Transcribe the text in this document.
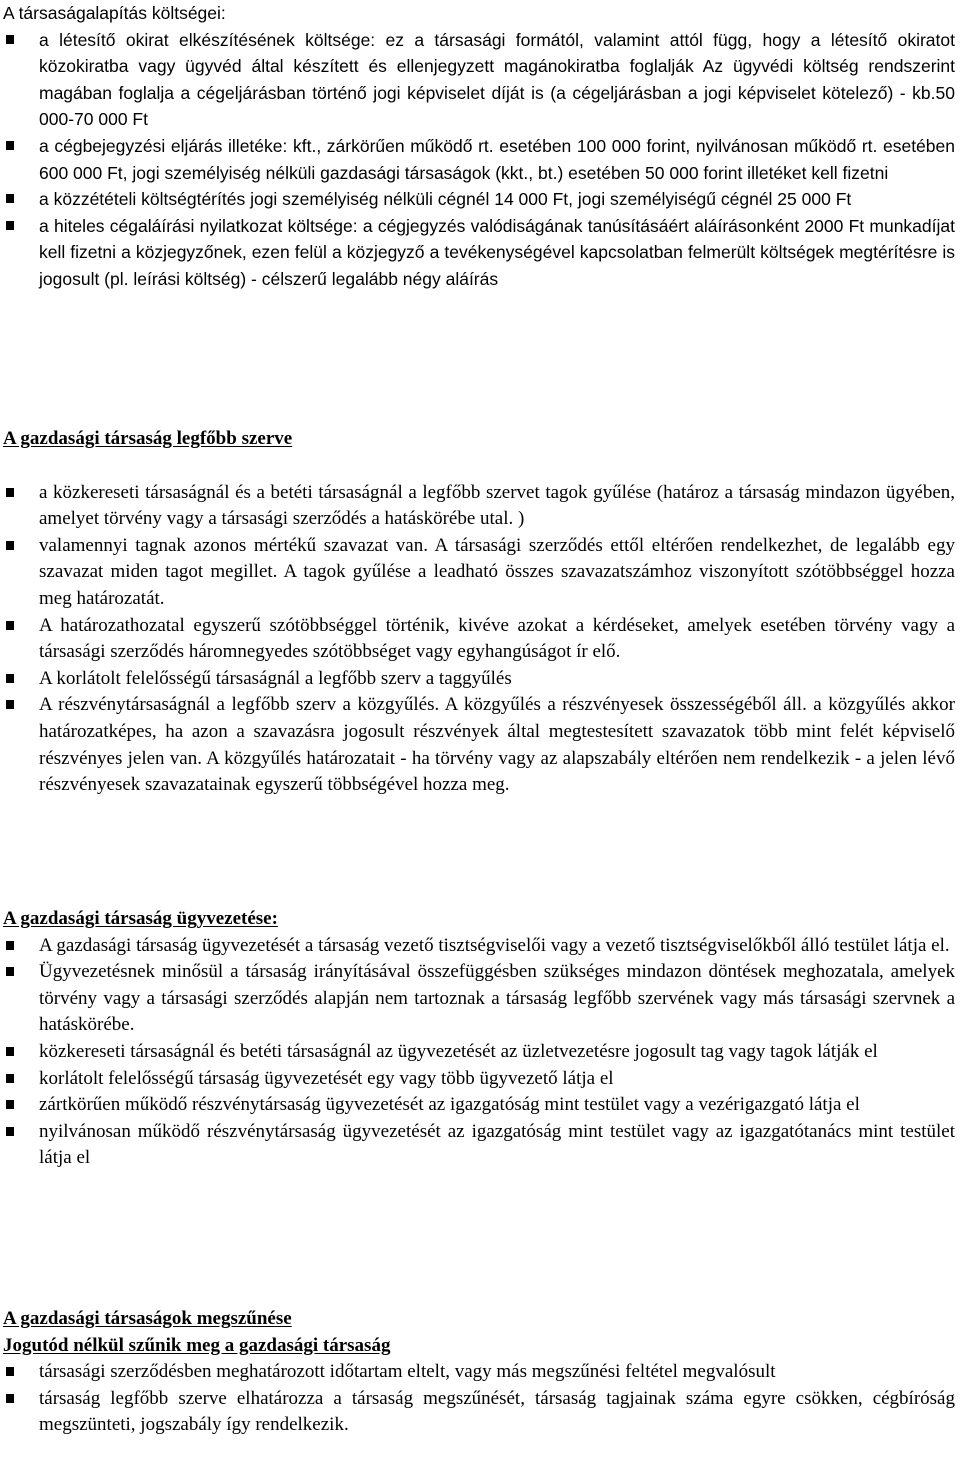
A társaságalapítás költségei:

a létesítő okirat elkészítésének költsége: ez a társasági formától, valamint attól függ, hogy a létesítő okiratot közokiratba vagy ügyvéd által készített és ellenjegyzett magánokiratba foglalják Az ügyvédi költség rendszerint magában foglalja a cégeljárásban történő jogi képviselet díját is (a cégeljárásban a jogi képviselet kötelező) - kb.50 000-70 000 Ft
a cégbejegyzési eljárás illetéke: kft., zárkörűen működő rt. esetében 100 000 forint, nyilvánosan működő rt. esetében 600 000 Ft, jogi személyiség nélküli gazdasági társaságok (kkt., bt.) esetében 50 000 forint illetéket kell fizetni
a közzétételi költségtérítés jogi személyiség nélküli cégnél 14 000 Ft, jogi személyiségű cégnél 25 000 Ft
a hiteles cégaláírási nyilatkozat költsége: a cégjegyzés valódiságának tanúsításáért aláírásonként 2000 Ft munkadíjat kell fizetni a közjegyzőnek, ezen felül a közjegyző a tevékenységével kapcsolatban felmerült költségek megtérítésre is jogosult (pl. leírási költség) - célszerű legalább négy aláírás

A gazdasági társaság legfőbb szerve

a közkereseti társaságnál és a betéti társaságnál a legfőbb szervet tagok gyűlése (határoz a társaság mindazon ügyében, amelyet törvény vagy a társasági szerződés a hatáskörébe utal. )
valamennyi tagnak azonos mértékű szavazat van. A társasági szerződés ettől eltérően rendelkezhet, de legalább egy szavazat miden tagot megillet. A tagok gyűlése a leadható összes szavazatszámhoz viszonyított szótöbbséggel hozza meg határozatát.
A határozathozatal egyszerű szótöbbséggel történik, kivéve azokat a kérdéseket, amelyek esetében törvény vagy a társasági szerződés háromnegyedes szótöbbséget vagy egyhangúságot ír elő.
A korlátolt felelősségű társaságnál a legfőbb szerv a taggyűlés
A részvénytársaságnál a legfőbb szerv a közgyűlés. A közgyűlés a részvényesek összességéből áll. a közgyűlés akkor határozatképes, ha azon a szavazásra jogosult részvények által megtestesített szavazatok több mint felét képviselő részvényes jelen van. A közgyűlés határozatait - ha törvény vagy az alapszabály eltérően nem rendelkezik - a jelen lévő részvényesek szavazatainak egyszerű többségével hozza meg.

A gazdasági társaság ügyvezetése:

A gazdasági társaság ügyvezetését a társaság vezető tisztségviselői vagy a vezető tisztségviselőkből álló testület látja el.
Ügyvezetésnek minősül a társaság irányításával összefüggésben szükséges mindazon döntések meghozatala, amelyek törvény vagy a társasági szerződés alapján nem tartoznak a társaság legfőbb szervének vagy más társasági szervnek a hatáskörébe.
közkereseti társaságnál és betéti társaságnál az ügyvezetését az üzletvezetésre jogosult tag vagy tagok látják el
korlátolt felelősségű társaság ügyvezetését egy vagy több ügyvezető látja el
zártkörűen működő részvénytársaság ügyvezetését az igazgatóság mint testület vagy a vezérigazgató látja el
nyilvánosan működő részvénytársaság ügyvezetését az igazgatóság mint testület vagy az igazgatótanács mint testület látja el

A gazdasági társaságok megszűnése

Jogutód nélkül szűnik meg a gazdasági társaság

társasági szerződésben meghatározott időtartam eltelt, vagy más megszűnési feltétel megvalósult
társaság legfőbb szerve elhatározza a társaság megszűnését, társaság tagjainak száma egyre csökken, cégbíróság megszünteti, jogszabály így rendelkezik.
